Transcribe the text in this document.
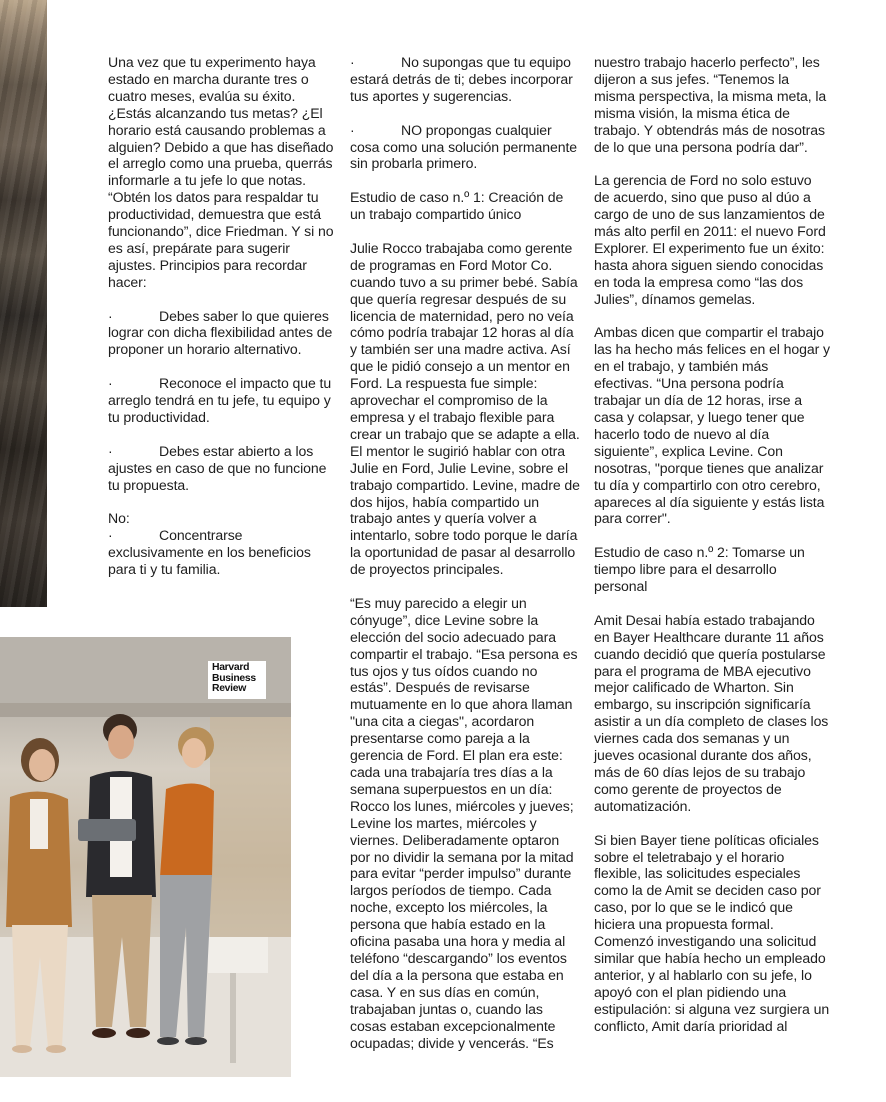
Una vez que tu experimento haya estado en marcha durante tres o cuatro meses, evalúa su éxito. ¿Estás alcanzando tus metas? ¿El horario está causando problemas a alguien? Debido a que has diseñado el arreglo como una prueba, querrás informarle a tu jefe lo que notas. “Obtén los datos para respaldar tu productividad, demuestra que está funcionando”, dice Friedman. Y si no es así, prepárate para sugerir ajustes. Principios para recordar hacer:

·	Debes saber lo que quieres lograr con dicha flexibilidad antes de proponer un horario alternativo.

·	Reconoce el impacto que tu arreglo tendrá en tu jefe, tu equipo y tu productividad.

·	Debes estar abierto a los ajustes en caso de que no funcione tu propuesta.

No:

·	Concentrarse exclusivamente en los beneficios para ti y tu familia.

·	No supongas que tu equipo estará detrás de ti; debes incorporar tus aportes y sugerencias.

·	NO propongas cualquier cosa como una solución permanente sin probarla primero.

Estudio de caso n.º 1: Creación de un trabajo compartido único

Julie Rocco trabajaba como gerente de programas en Ford Motor Co. cuando tuvo a su primer bebé. Sabía que quería regresar después de su licencia de maternidad, pero no veía cómo podría trabajar 12 horas al día y también ser una madre activa. Así que le pidió consejo a un mentor en Ford. La respuesta fue simple: aprovechar el compromiso de la empresa y el trabajo flexible para crear un trabajo que se adapte a ella. El mentor le sugirió hablar con otra Julie en Ford, Julie Levine, sobre el trabajo compartido. Levine, madre de dos hijos, había compartido un trabajo antes y quería volver a intentarlo, sobre todo porque le daría la oportunidad de pasar al desarrollo de proyectos principales.

“Es muy parecido a elegir un cónyuge”, dice Levine sobre la elección del socio adecuado para compartir el trabajo. “Esa persona es tus ojos y tus oídos cuando no estás”. Después de revisarse mutuamente en lo que ahora llaman "una cita a ciegas", acordaron presentarse como pareja a la gerencia de Ford. El plan era este: cada una trabajaría tres días a la semana superpuestos en un día: Rocco los lunes, miércoles y jueves; Levine los martes, miércoles y viernes. Deliberadamente optaron por no dividir la semana por la mitad para evitar “perder impulso” durante largos períodos de tiempo. Cada noche, excepto los miércoles, la persona que había estado en la oficina pasaba una hora y media al teléfono “descargando” los eventos del día a la persona que estaba en casa. Y en sus días en común, trabajaban juntas o, cuando las cosas estaban excepcionalmente ocupadas; divide y vencerás. “Es

nuestro trabajo hacerlo perfecto”, les dijeron a sus jefes. “Tenemos la misma perspectiva, la misma meta, la misma visión, la misma ética de trabajo. Y obtendrás más de nosotras de lo que una persona podría dar”.

La gerencia de Ford no solo estuvo de acuerdo, sino que puso al dúo a cargo de uno de sus lanzamientos de más alto perfil en 2011: el nuevo Ford Explorer. El experimento fue un éxito: hasta ahora siguen siendo conocidas en toda la empresa como “las dos Julies”, dínamos gemelas.

Ambas dicen que compartir el trabajo las ha hecho más felices en el hogar y en el trabajo, y también más efectivas. “Una persona podría trabajar un día de 12 horas, irse a casa y colapsar, y luego tener que hacerlo todo de nuevo al día siguiente”, explica Levine. Con nosotras, "porque tienes que analizar tu día y compartirlo con otro cerebro, apareces al día siguiente y estás lista para correr".

Estudio de caso n.º 2: Tomarse un tiempo libre para el desarrollo personal

Amit Desai había estado trabajando en Bayer Healthcare durante 11 años cuando decidió que quería postularse para el programa de MBA ejecutivo mejor calificado de Wharton. Sin embargo, su inscripción significaría asistir a un día completo de clases los viernes cada dos semanas y un jueves ocasional durante dos años, más de 60 días lejos de su trabajo como gerente de proyectos de automatización.

Si bien Bayer tiene políticas oficiales sobre el teletrabajo y el horario flexible, las solicitudes especiales como la de Amit se deciden caso por caso, por lo que se le indicó que hiciera una propuesta formal. Comenzó investigando una solicitud similar que había hecho un empleado anterior, y al hablarlo con su jefe, lo apoyó con el plan pidiendo una estipulación: si alguna vez surgiera un conflicto, Amit daría prioridad al

Harvard
Business
Review
